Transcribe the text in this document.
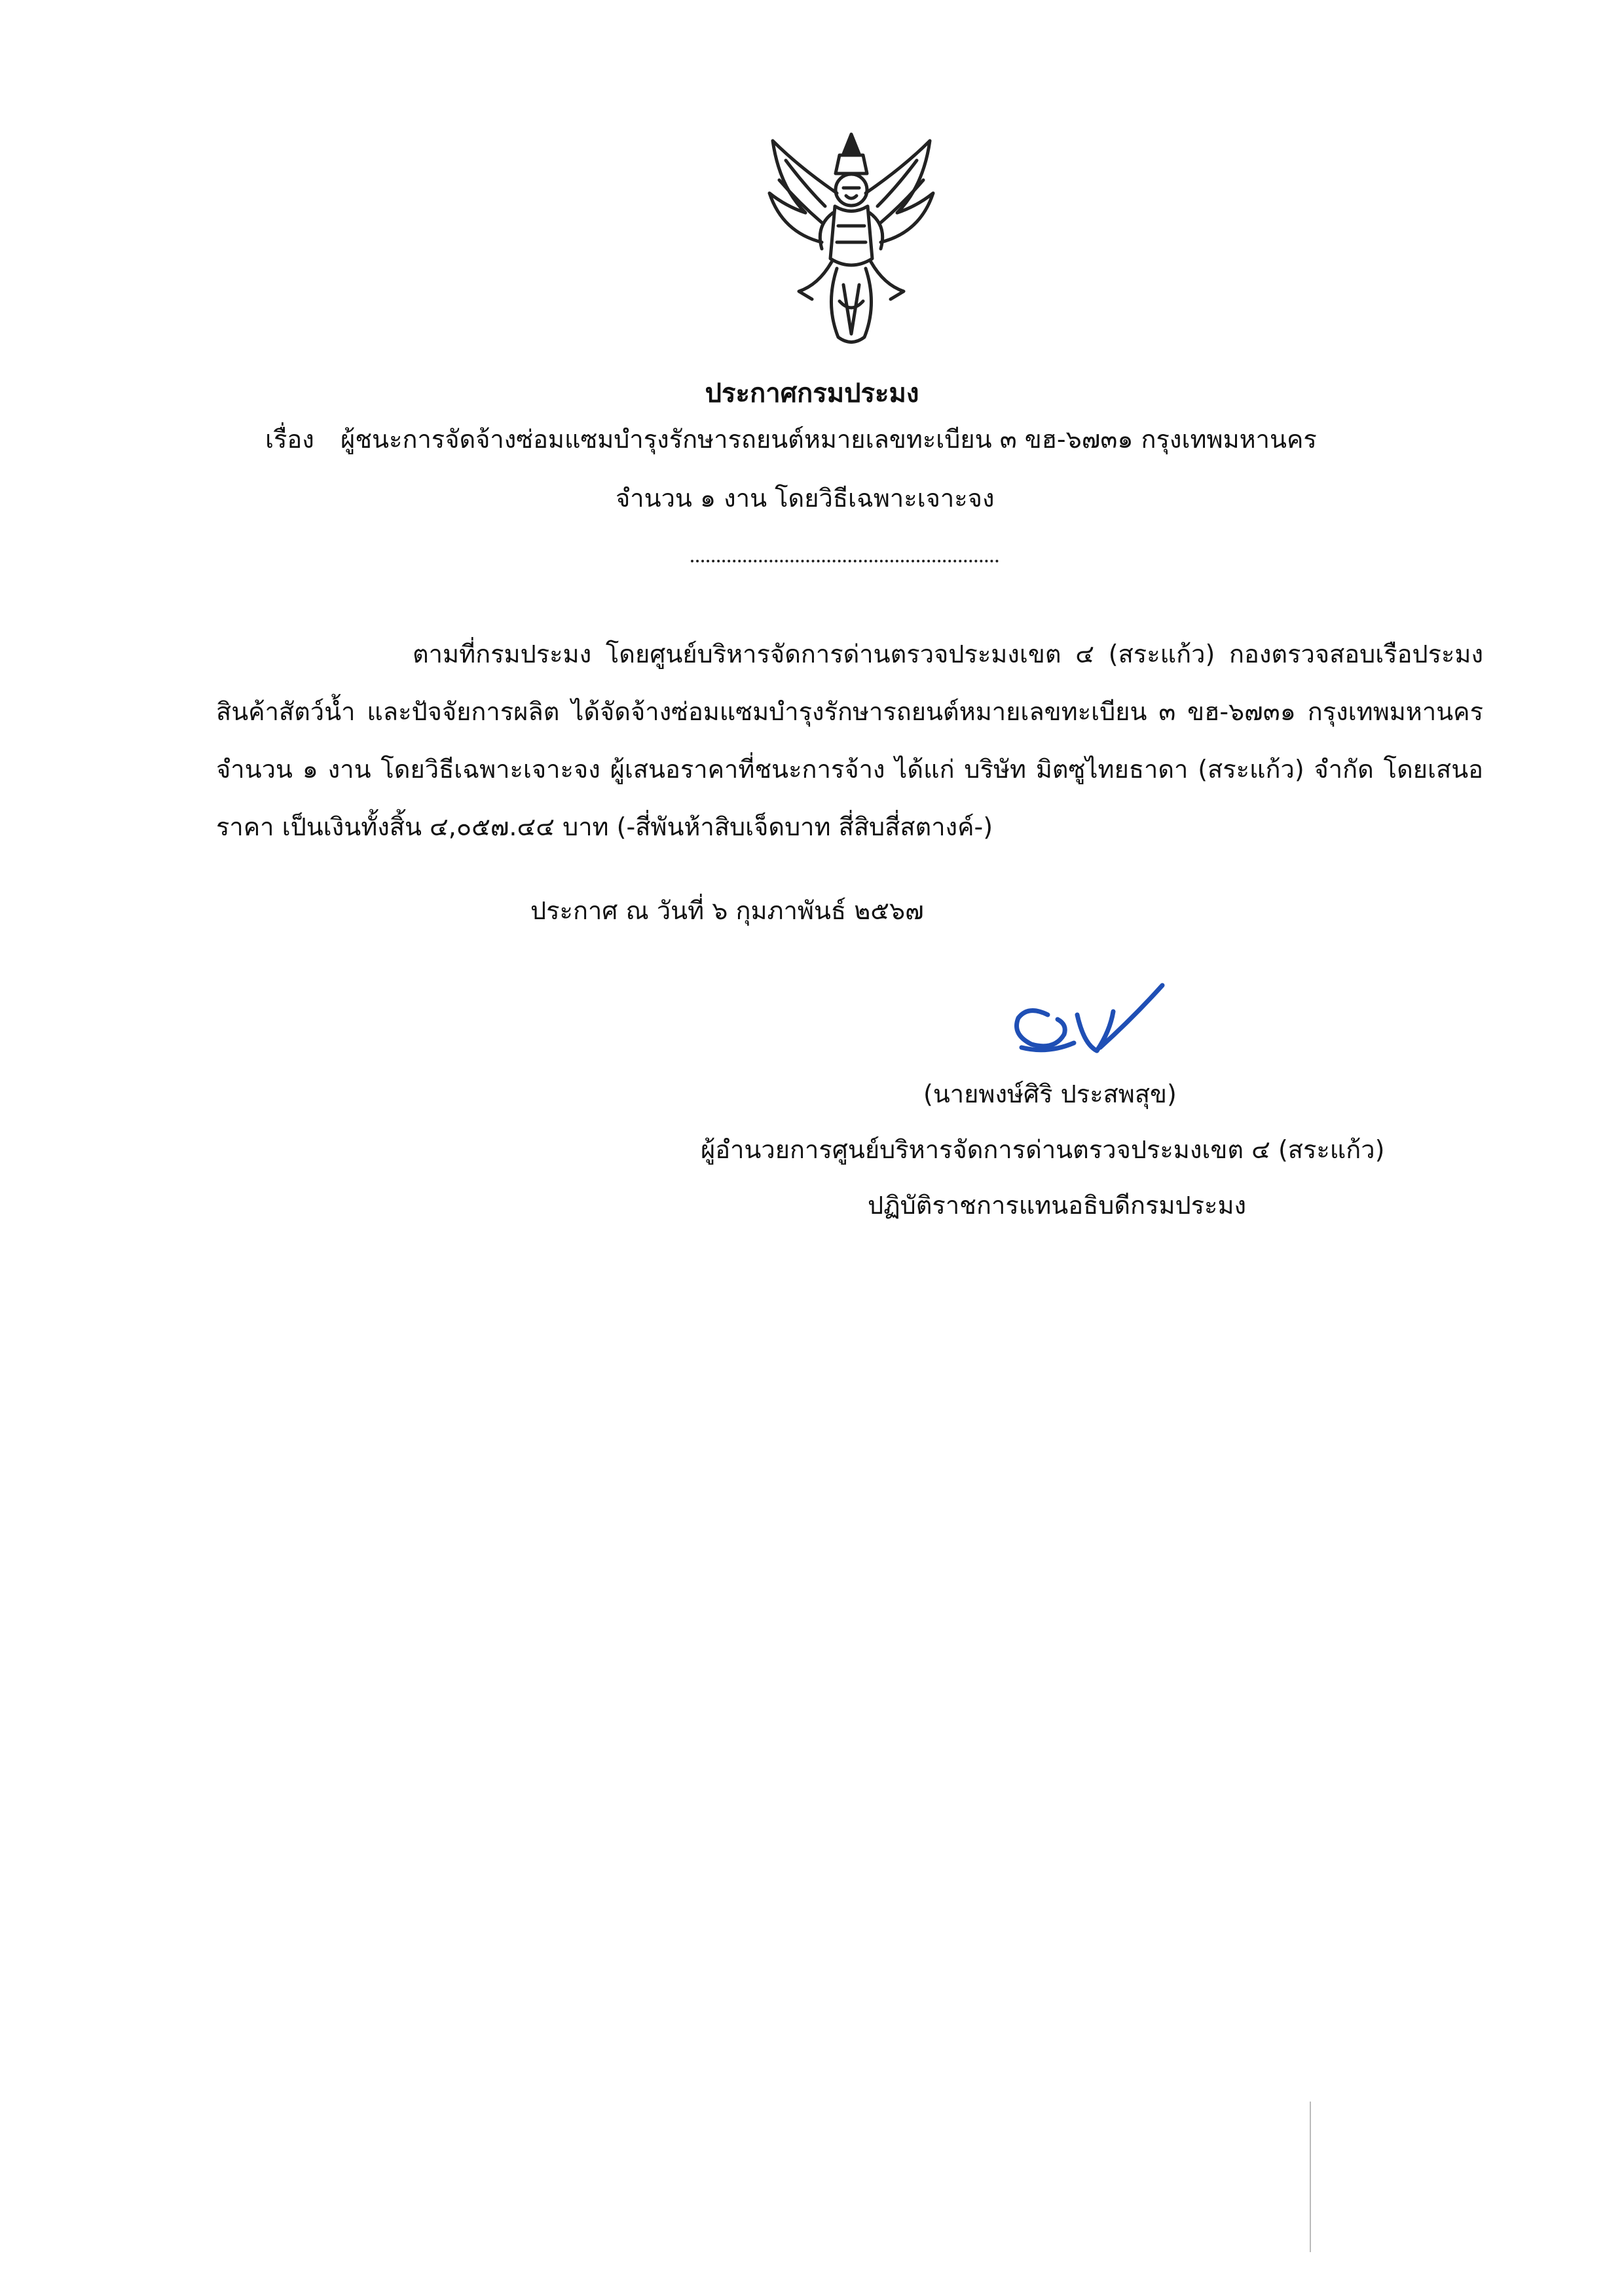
ประกาศกรมประมง
เรื่อง ผู้ชนะการจัดจ้างซ่อมแซมบำรุงรักษารถยนต์หมายเลขทะเบียน ๓ ขฮ-๖๗๓๑ กรุงเทพมหานคร
จำนวน ๑ งาน โดยวิธีเฉพาะเจาะจง
ตามที่กรมประมง โดยศูนย์บริหารจัดการด่านตรวจประมงเขต ๔ (สระแก้ว) กองตรวจสอบเรือประมง สินค้าสัตว์น้ำ และปัจจัยการผลิต ได้จัดจ้างซ่อมแซมบำรุงรักษารถยนต์หมายเลขทะเบียน ๓ ขฮ-๖๗๓๑ กรุงเทพมหานคร จำนวน ๑ งาน โดยวิธีเฉพาะเจาะจง ผู้เสนอราคาที่ชนะการจ้าง ได้แก่ บริษัท มิตซูไทยธาดา (สระแก้ว) จำกัด โดยเสนอราคา เป็นเงินทั้งสิ้น ๔,๐๕๗.๔๔ บาท (-สี่พันห้าสิบเจ็ดบาท สี่สิบสี่สตางค์-)
ประกาศ ณ วันที่ ๖ กุมภาพันธ์ ๒๕๖๗
(นายพงษ์ศิริ ประสพสุข)
ผู้อำนวยการศูนย์บริหารจัดการด่านตรวจประมงเขต ๔ (สระแก้ว)
ปฏิบัติราชการแทนอธิบดีกรมประมง
